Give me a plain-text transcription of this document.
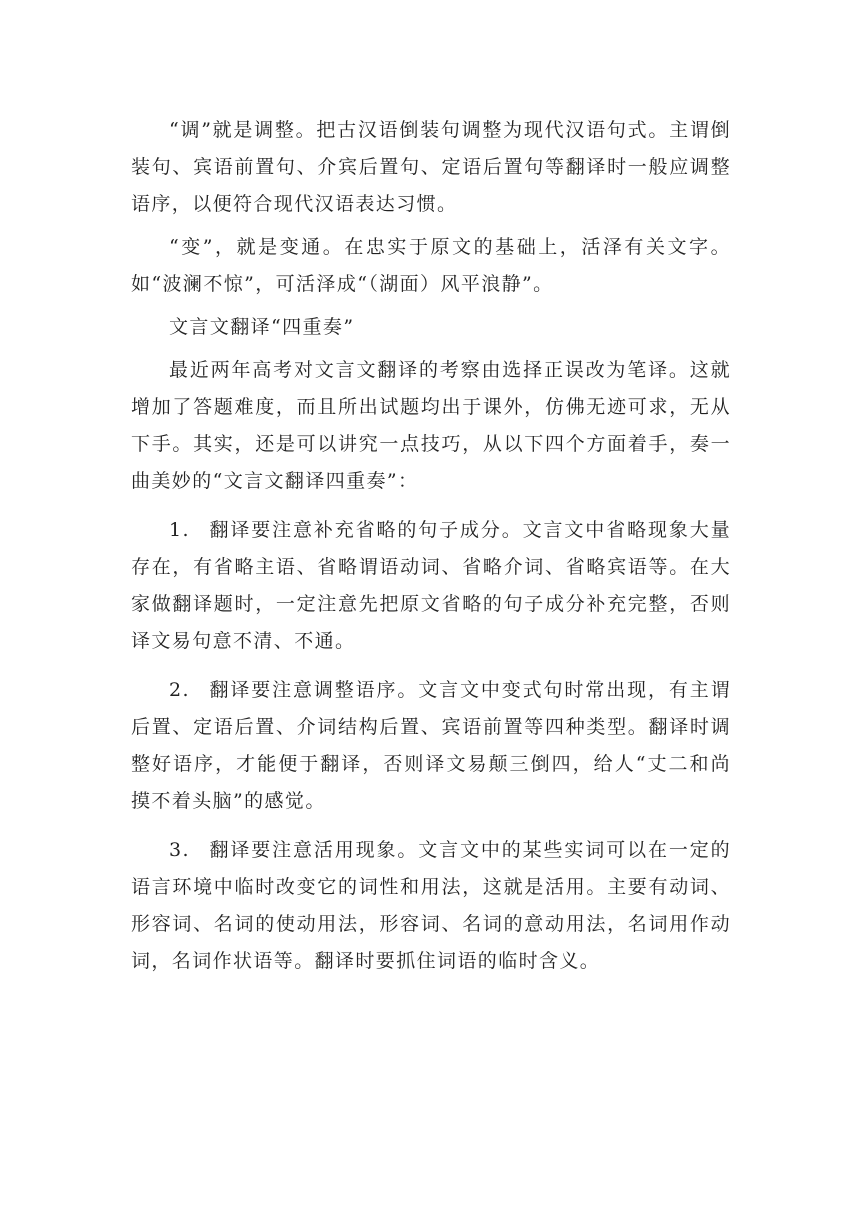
“调”就是调整。把古汉语倒装句调整为现代汉语句式。主谓倒装句、宾语前置句、介宾后置句、定语后置句等翻译时一般应调整语序，以便符合现代汉语表达习惯。

“变”，就是变通。在忠实于原文的基础上，活泽有关文字。如“波澜不惊”，可活泽成“（湖面）风平浪静”。

文言文翻译“四重奏”

最近两年高考对文言文翻译的考察由选择正误改为笔译。这就增加了答题难度，而且所出试题均出于课外，仿佛无迹可求，无从下手。其实，还是可以讲究一点技巧，从以下四个方面着手，奏一曲美妙的“文言文翻译四重奏”：

1. 翻译要注意补充省略的句子成分。文言文中省略现象大量存在，有省略主语、省略谓语动词、省略介词、省略宾语等。在大家做翻译题时，一定注意先把原文省略的句子成分补充完整，否则译文易句意不清、不通。

2. 翻译要注意调整语序。文言文中变式句时常出现，有主谓后置、定语后置、介词结构后置、宾语前置等四种类型。翻译时调整好语序，才能便于翻译，否则译文易颠三倒四，给人“丈二和尚摸不着头脑”的感觉。

3. 翻译要注意活用现象。文言文中的某些实词可以在一定的语言环境中临时改变它的词性和用法，这就是活用。主要有动词、形容词、名词的使动用法，形容词、名词的意动用法，名词用作动词，名词作状语等。翻译时要抓住词语的临时含义。
